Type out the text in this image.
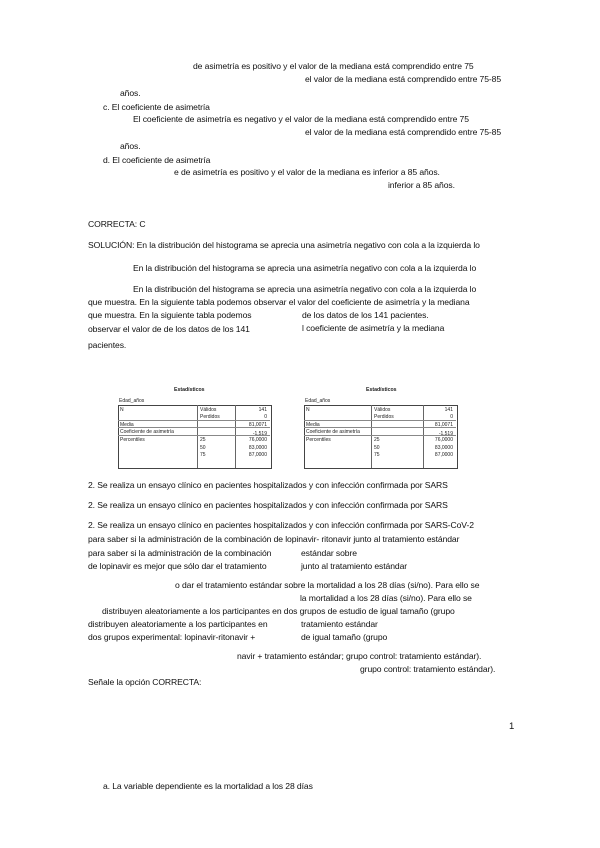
de asimetría es positivo y el valor de la mediana está comprendido entre 75
el valor de la mediana está comprendido entre 75-85
años.
c. El coeficiente de asimetría
El coeficiente de asimetría es negativo y el valor de la mediana está comprendido entre 75
el valor de la mediana está comprendido entre 75-85
años.
d. El coeficiente de asimetría
e de asimetría es positivo y el valor de la mediana es inferior a 85 años.
inferior a 85 años.
CORRECTA: C
SOLUCIÓN: En la distribución del histograma se aprecia una asimetría negativo con cola a la izquierda lo
En la distribución del histograma se aprecia una asimetría negativo con cola a la izquierda lo
En la distribución del histograma se aprecia una asimetría negativo con cola a la izquierda lo
que muestra. En la siguiente tabla podemos observar el valor del coeficiente de asimetría y la mediana
que muestra. En la siguiente tabla podemos	de los datos de los 141 pacientes.
observar el valor de de los datos de los 141	l coeficiente de asimetría y la mediana
pacientes.
Estadísticos
Edad_años
N	Válidos	141
Perdidos	0
Media	81,0071
Coeficiente de asimetría	-1,519
Percentiles	25	76,0000
50	83,0000
75	87,0000
Estadísticos
Edad_años
N	Válidos	141
Perdidos	0
Media	81,0071
Coeficiente de asimetría	-1,519
Percentiles	25	76,0000
50	83,0000
75	87,0000
2. Se realiza un ensayo clínico en pacientes hospitalizados y con infección confirmada por SARS
2. Se realiza un ensayo clínico en pacientes hospitalizados y con infección confirmada por SARS
2. Se realiza un ensayo clínico en pacientes hospitalizados y con infección confirmada por SARS-CoV-2
para saber si la administración de la combinación de lopinavir- ritonavir junto al tratamiento estándar
para saber si la administración de la combinación	estándar sobre
de lopinavir es mejor que sólo dar el tratamiento	junto al tratamiento estándar
o dar el tratamiento estándar sobre la mortalidad a los 28 días (si/no). Para ello se
la mortalidad a los 28 días (si/no). Para ello se
distribuyen aleatoriamente a los participantes en dos grupos de estudio de igual tamaño (grupo
distribuyen aleatoriamente a los participantes en	tratamiento estándar
dos grupos experimental: lopinavir-ritonavir +	de igual tamaño (grupo
navir + tratamiento estándar; grupo control: tratamiento estándar).
grupo control: tratamiento estándar).
Señale la opción CORRECTA:
1
a. La variable dependiente es la mortalidad a los 28 días
